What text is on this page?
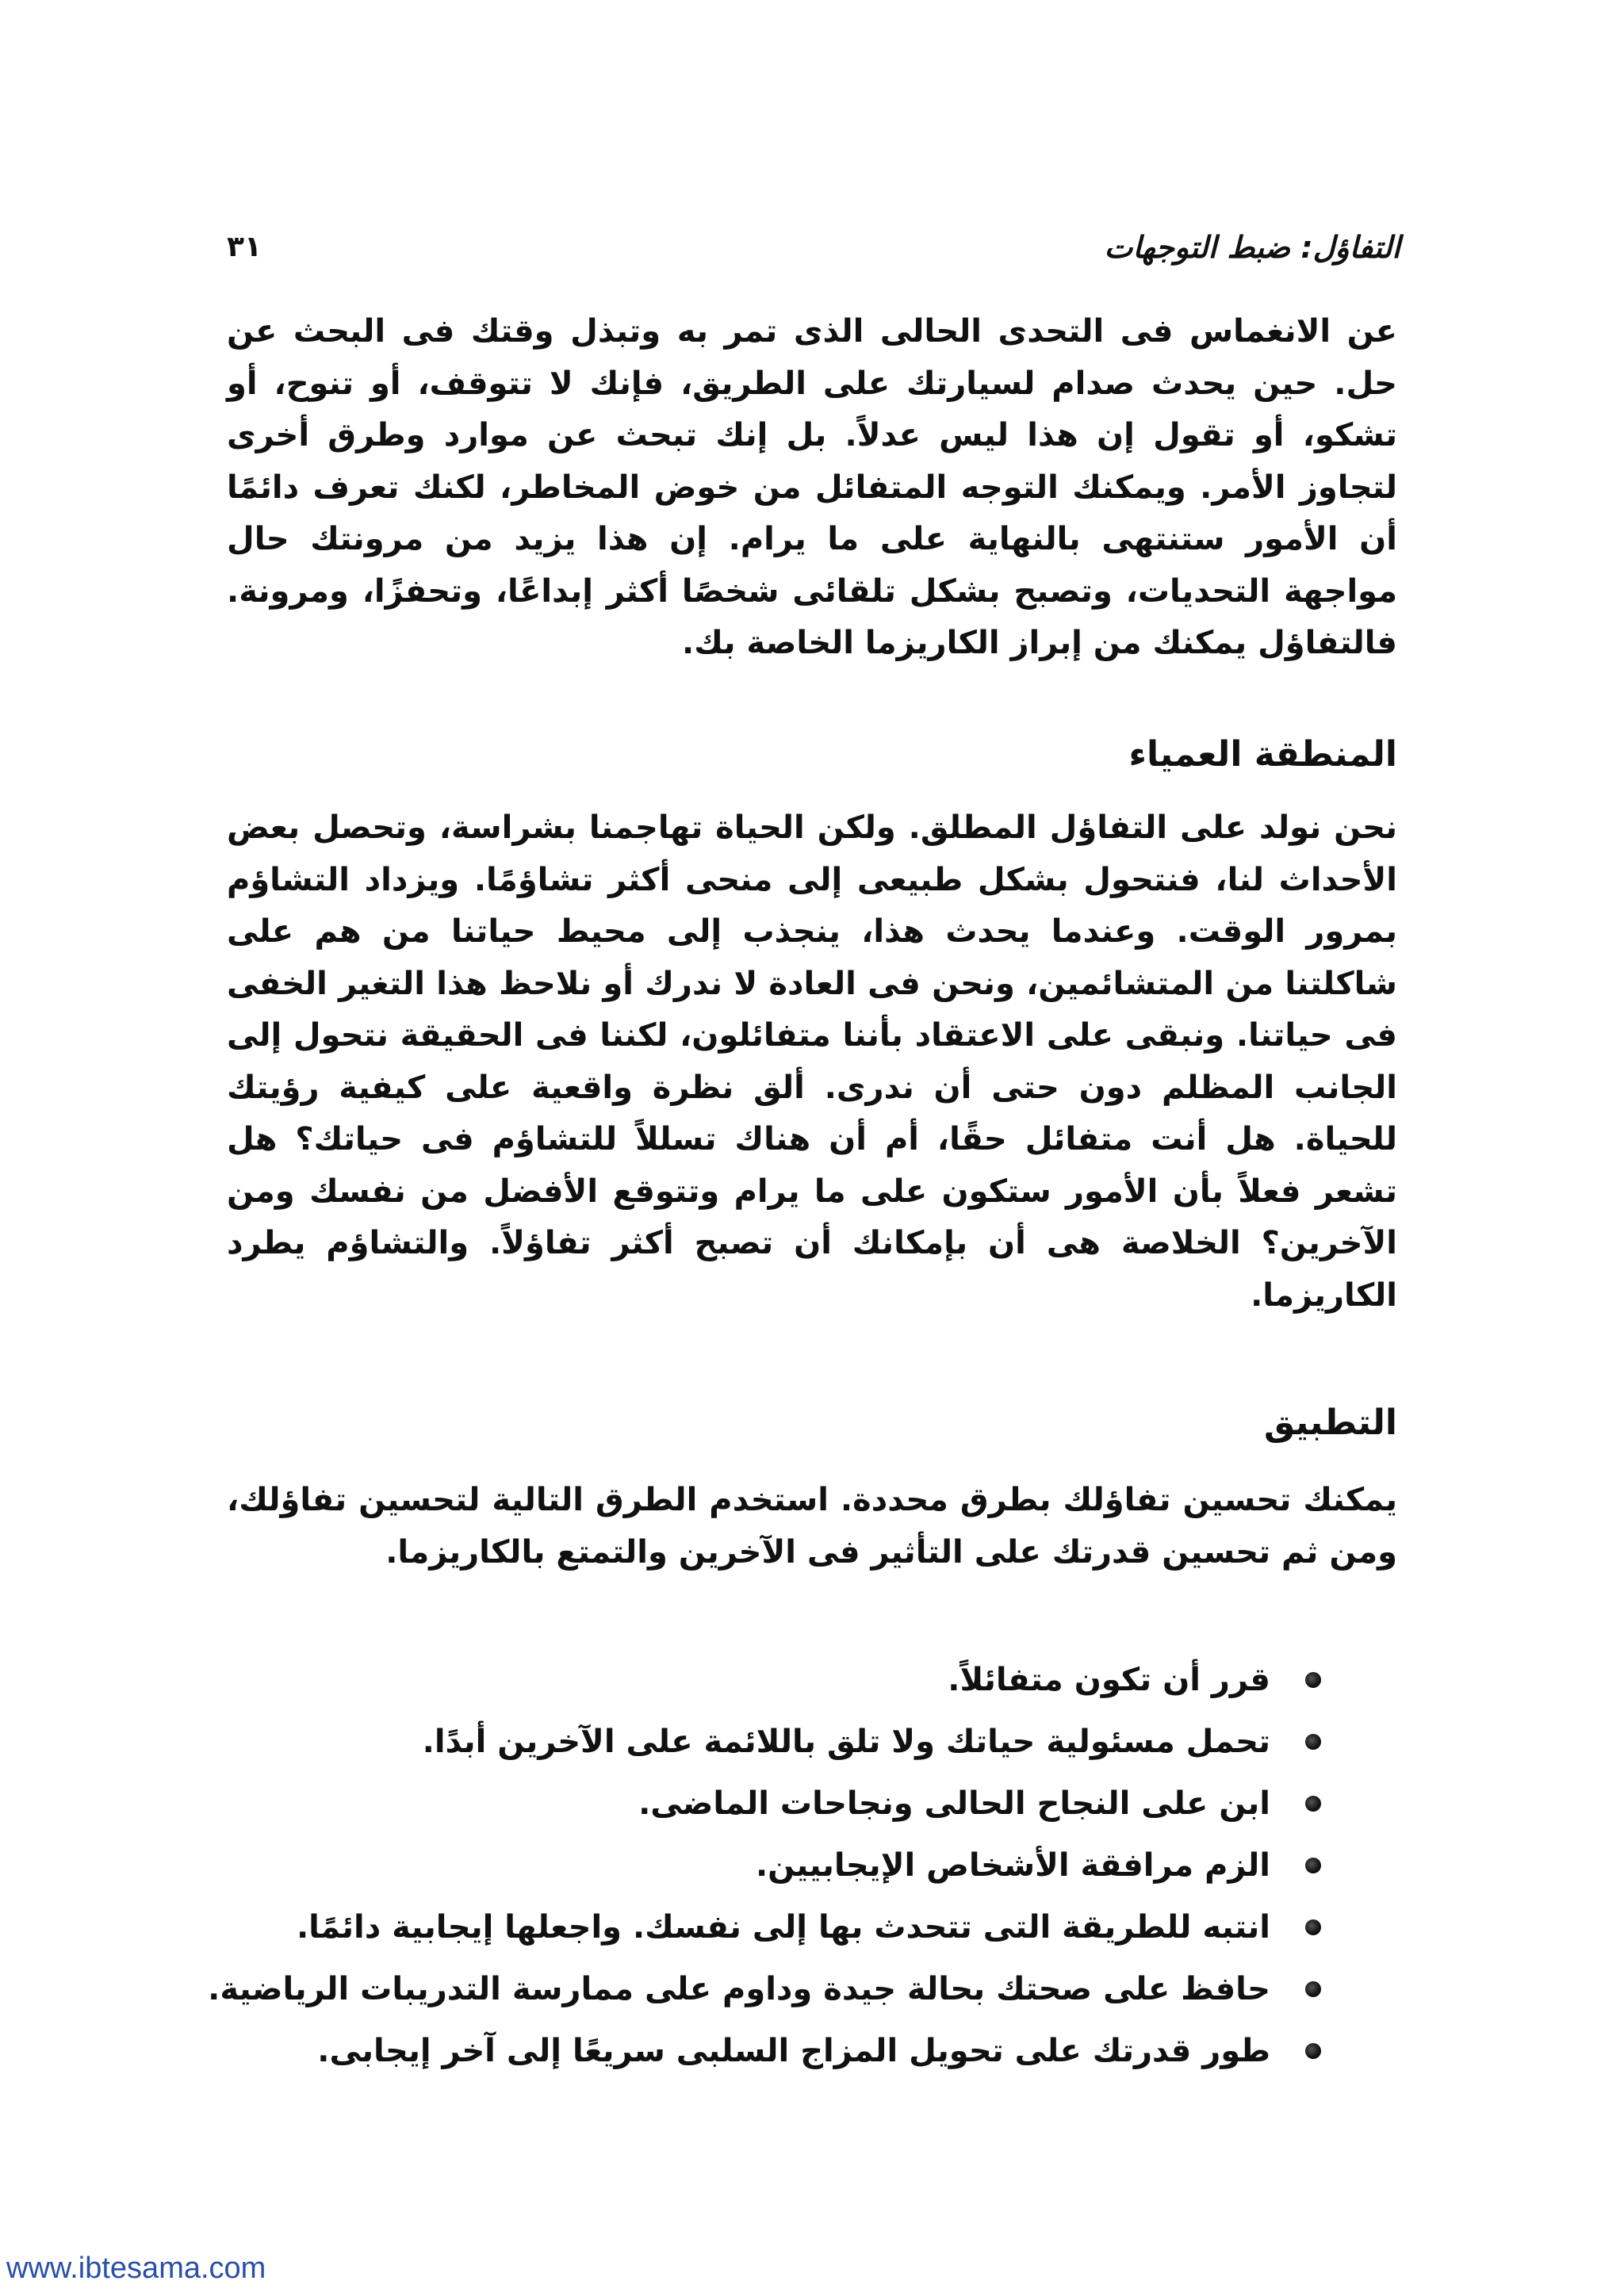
٣١	التفاؤل: ضبط التوجهات

عن الانغماس فى التحدى الحالى الذى تمر به وتبذل وقتك فى البحث عن حل. حين يحدث صدام لسيارتك على الطريق، فإنك لا تتوقف، أو تنوح، أو تشكو، أو تقول إن هذا ليس عدلاً. بل إنك تبحث عن موارد وطرق أخرى لتجاوز الأمر. ويمكنك التوجه المتفائل من خوض المخاطر، لكنك تعرف دائمًا أن الأمور ستنتهى بالنهاية على ما يرام. إن هذا يزيد من مرونتك حال مواجهة التحديات، وتصبح بشكل تلقائى شخصًا أكثر إبداعًا، وتحفزًا، ومرونة. فالتفاؤل يمكنك من إبراز الكاريزما الخاصة بك.

المنطقة العمياء

نحن نولد على التفاؤل المطلق. ولكن الحياة تهاجمنا بشراسة، وتحصل بعض الأحداث لنا، فنتحول بشكل طبيعى إلى منحى أكثر تشاؤمًا. ويزداد التشاؤم بمرور الوقت. وعندما يحدث هذا، ينجذب إلى محيط حياتنا من هم على شاكلتنا من المتشائمين، ونحن فى العادة لا ندرك أو نلاحظ هذا التغير الخفى فى حياتنا. ونبقى على الاعتقاد بأننا متفائلون، لكننا فى الحقيقة نتحول إلى الجانب المظلم دون حتى أن ندرى. ألق نظرة واقعية على كيفية رؤيتك للحياة. هل أنت متفائل حقًا، أم أن هناك تسللاً للتشاؤم فى حياتك؟ هل تشعر فعلاً بأن الأمور ستكون على ما يرام وتتوقع الأفضل من نفسك ومن الآخرين؟ الخلاصة هى أن بإمكانك أن تصبح أكثر تفاؤلاً. والتشاؤم يطرد الكاريزما.

التطبيق

يمكنك تحسين تفاؤلك بطرق محددة. استخدم الطرق التالية لتحسين تفاؤلك، ومن ثم تحسين قدرتك على التأثير فى الآخرين والتمتع بالكاريزما.

قرر أن تكون متفائلاً.
تحمل مسئولية حياتك ولا تلق باللائمة على الآخرين أبدًا.
ابن على النجاح الحالى ونجاحات الماضى.
الزم مرافقة الأشخاص الإيجابيين.
انتبه للطريقة التى تتحدث بها إلى نفسك. واجعلها إيجابية دائمًا.
حافظ على صحتك بحالة جيدة وداوم على ممارسة التدريبات الرياضية.
طور قدرتك على تحويل المزاج السلبى سريعًا إلى آخر إيجابى.
www.ibtesama.com
